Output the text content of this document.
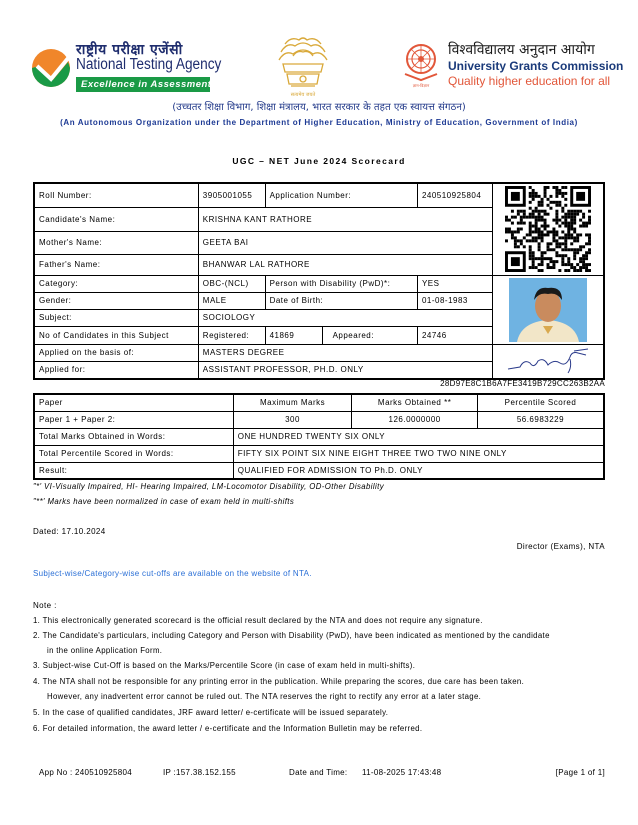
राष्ट्रीय परीक्षा एजेंसी
National Testing Agency
Excellence in Assessment
सत्यमेव जयते
ज्ञान-विज्ञान
विश्वविद्यालय अनुदान आयोग
University Grants Commission
Quality higher education for all
(उच्चतर शिक्षा विभाग, शिक्षा मंत्रालय, भारत सरकार के तहत एक स्वायत्त संगठन)
(An Autonomous Organization under the Department of Higher Education, Ministry of Education, Government of India)
UGC – NET June 2024 Scorecard
Roll Number:	3905001055	Application Number:	240510925804	

Candidate's Name:	KRISHNA KANT RATHORE			
Mother's Name:	GEETA BAI			
Father's Name:	BHANWAR LAL RATHORE			
Category:	OBC-(NCL)	Person with Disability (PwD)*:	YES	

Gender:	MALE	Date of Birth:	01-08-1983	
Subject:	SOCIOLOGY			
No of Candidates in this Subject	Registered:	41869 Appeared:	24746	
Applied on the basis of:	MASTERS DEGREE	

Applied for:	ASSISTANT PROFESSOR, PH.D. ONLY			
28D97E8C1B6A7FE3419B729CC263B2AA
Paper	Maximum Marks	Marks Obtained **	Percentile Scored
Paper 1 + Paper 2:	300	126.0000000	56.6983229
Total Marks Obtained in Words:	ONE HUNDRED TWENTY SIX ONLY		
Total Percentile Scored in Words:	FIFTY SIX POINT SIX NINE EIGHT THREE TWO TWO NINE ONLY		
Result:	QUALIFIED FOR ADMISSION TO Ph.D. ONLY		
"*' VI-Visually Impaired, HI- Hearing Impaired, LM-Locomotor Disability, OD-Other Disability
"**' Marks have been normalized in case of exam held in multi-shifts
Dated: 17.10.2024
Director (Exams), NTA
Subject-wise/Category-wise cut-offs are available on the website of NTA.
Note :
1. This electronically generated scorecard is the official result declared by the NTA and does not require any signature.
2. The Candidate's particulars, including Category and Person with Disability (PwD), have been indicated as mentioned by the candidate
in the online Application Form.
3. Subject-wise Cut-Off is based on the Marks/Percentile Score (in case of exam held in multi-shifts).
4. The NTA shall not be responsible for any printing error in the publication. While preparing the scores, due care has been taken.
However, any inadvertent error cannot be ruled out. The NTA reserves the right to rectify any error at a later stage.
5. In the case of qualified candidates, JRF award letter/ e-certificate will be issued separately.
6. For detailed information, the award letter / e-certificate and the Information Bulletin may be referred.
App No : 240510925804	IP :157.38.152.155	Date and Time: 11-08-2025 17:43:48	[Page 1 of 1]
